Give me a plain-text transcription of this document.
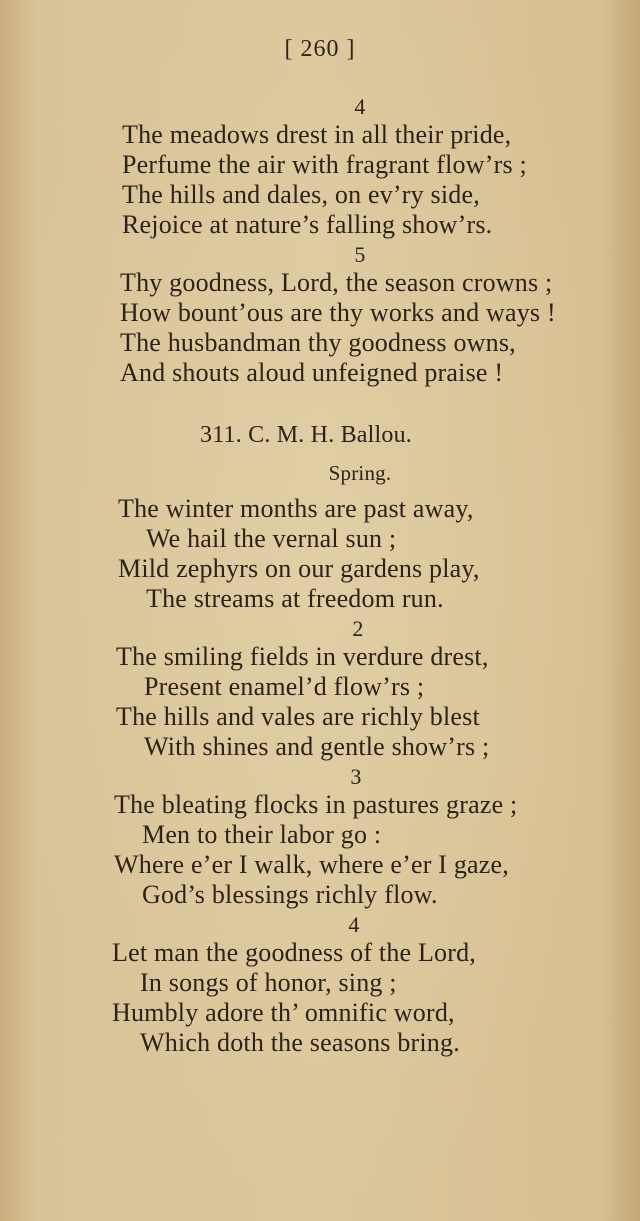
[ 260 ]
4
The meadows drest in all their pride,
Perfume the air with fragrant flow’rs ;
The hills and dales, on ev’ry side,
Rejoice at nature’s falling show’rs.
5
Thy goodness, Lord, the season crowns ;
How bount’ous are thy works and ways !
The husbandman thy goodness owns,
And shouts aloud unfeigned praise !
311. C. M. H. Ballou.
Spring.
The winter months are past away,
We hail the vernal sun ;
Mild zephyrs on our gardens play,
The streams at freedom run.
2
The smiling fields in verdure drest,
Present enamel’d flow’rs ;
The hills and vales are richly blest
With shines and gentle show’rs ;
3
The bleating flocks in pastures graze ;
Men to their labor go :
Where e’er I walk, where e’er I gaze,
God’s blessings richly flow.
4
Let man the goodness of the Lord,
In songs of honor, sing ;
Humbly adore th’ omnific word,
Which doth the seasons bring.
